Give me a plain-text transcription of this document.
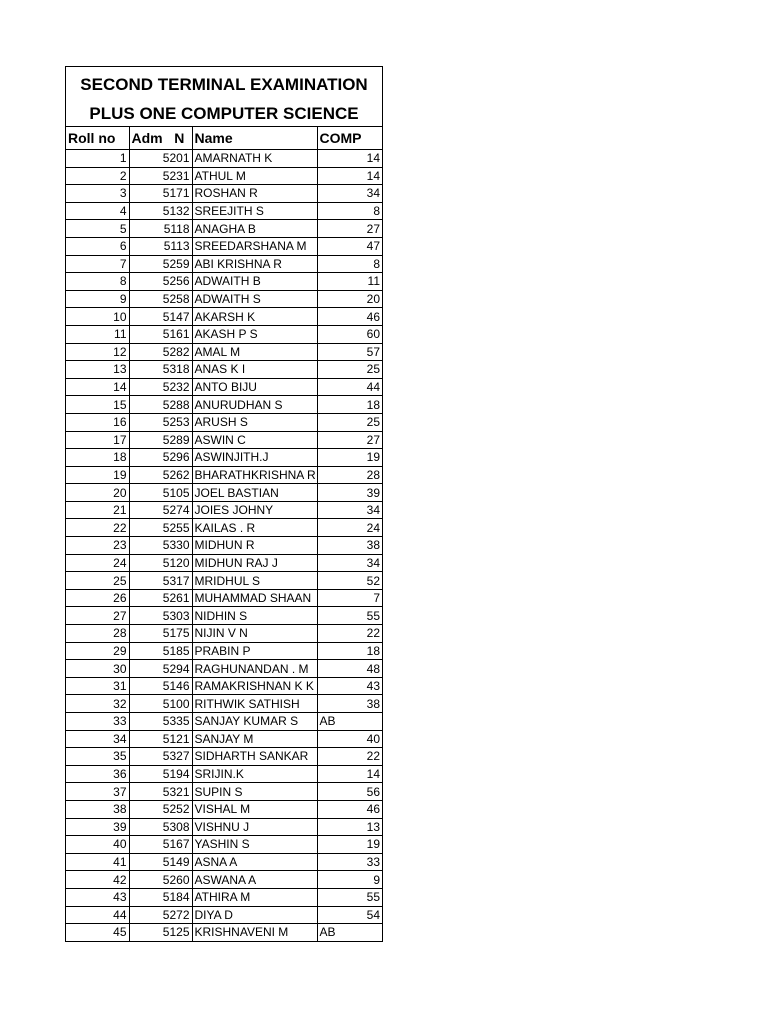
SECOND TERMINAL EXAMINATION
PLUS ONE COMPUTER SCIENCE
Roll no	Adm   N	Name	COMP
1	5201	AMARNATH K	14
2	5231	ATHUL M	14
3	5171	ROSHAN R	34
4	5132	SREEJITH S	8
5	5118	ANAGHA B	27
6	5113	SREEDARSHANA M	47
7	5259	ABI KRISHNA R	8
8	5256	ADWAITH B	11
9	5258	ADWAITH S	20
10	5147	AKARSH K	46
11	5161	AKASH P S	60
12	5282	AMAL M	57
13	5318	ANAS K I	25
14	5232	ANTO BIJU	44
15	5288	ANURUDHAN S	18
16	5253	ARUSH S	25
17	5289	ASWIN C	27
18	5296	ASWINJITH.J	19
19	5262	BHARATHKRISHNA R	28
20	5105	JOEL BASTIAN	39
21	5274	JOIES JOHNY	34
22	5255	KAILAS . R	24
23	5330	MIDHUN R	38
24	5120	MIDHUN RAJ J	34
25	5317	MRIDHUL S	52
26	5261	MUHAMMAD SHAAN	7
27	5303	NIDHIN S	55
28	5175	NIJIN V N	22
29	5185	PRABIN P	18
30	5294	RAGHUNANDAN . M	48
31	5146	RAMAKRISHNAN K K	43
32	5100	RITHWIK SATHISH	38
33	5335	SANJAY KUMAR S	AB
34	5121	SANJAY M	40
35	5327	SIDHARTH SANKAR	22
36	5194	SRIJIN.K	14
37	5321	SUPIN S	56
38	5252	VISHAL M	46
39	5308	VISHNU J	13
40	5167	YASHIN S	19
41	5149	ASNA A	33
42	5260	ASWANA A	9
43	5184	ATHIRA M	55
44	5272	DIYA D	54
45	5125	KRISHNAVENI M	AB
